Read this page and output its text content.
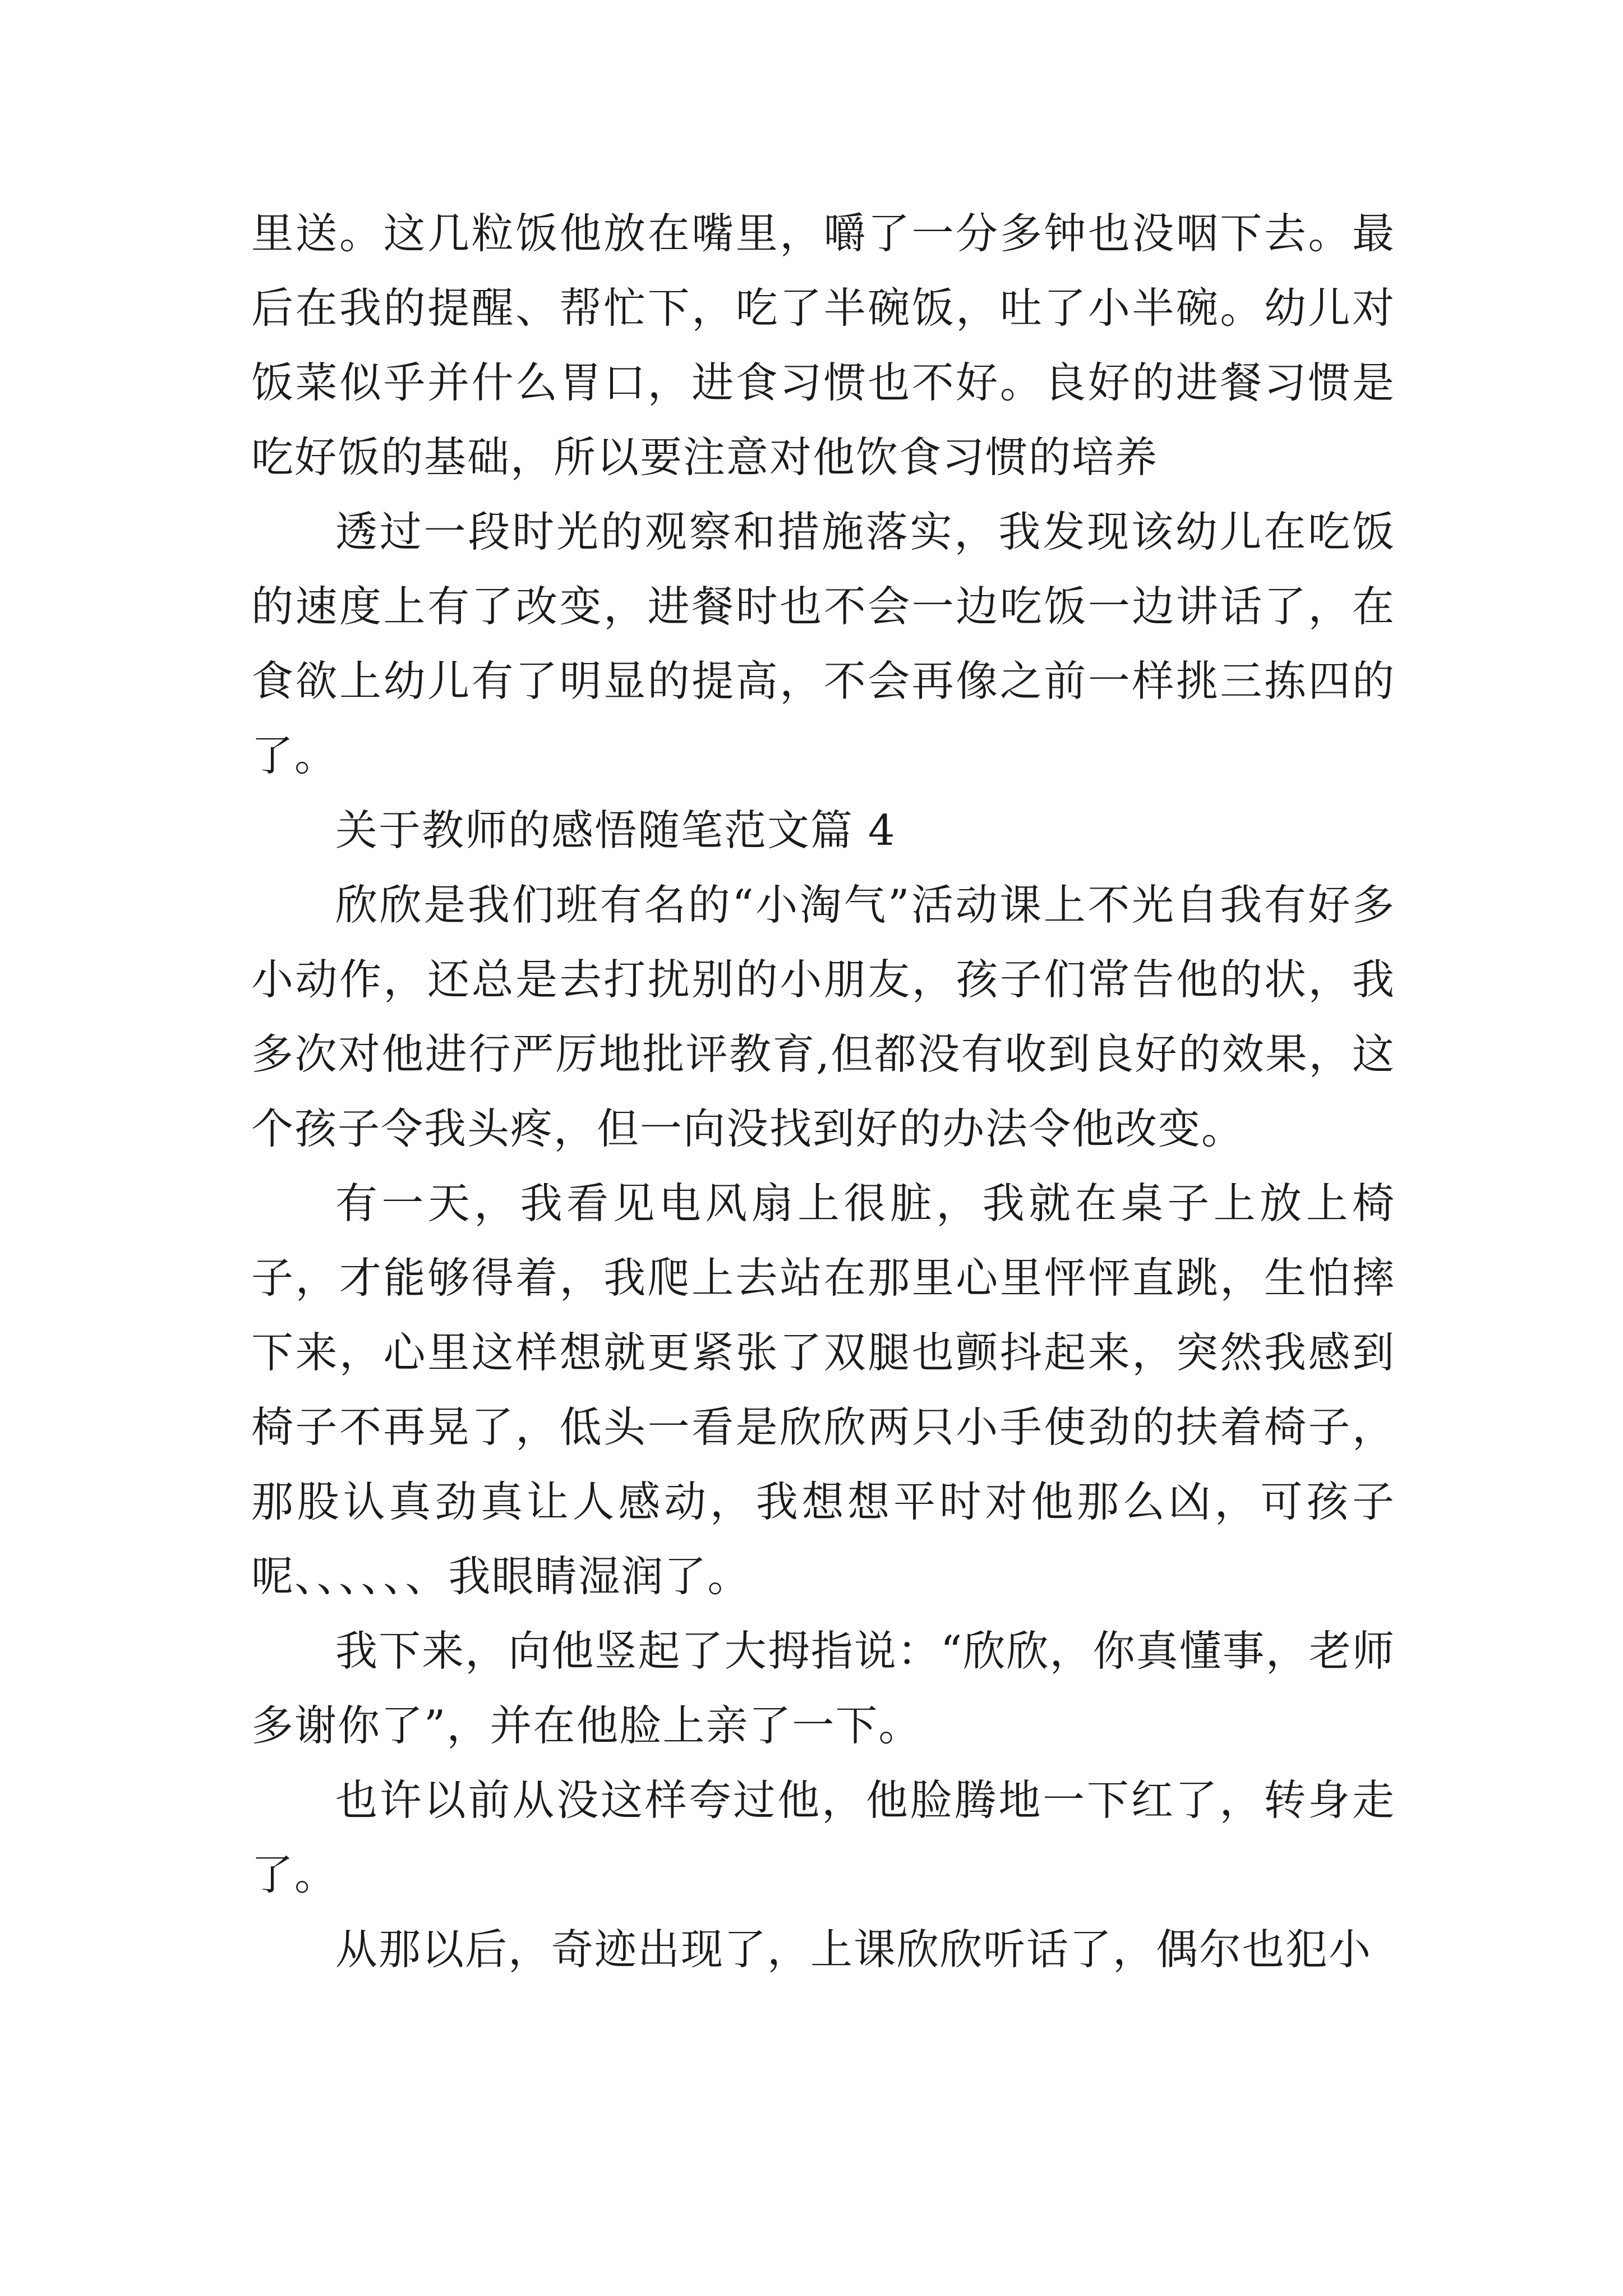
里送。这几粒饭他放在嘴里，嚼了一分多钟也没咽下去。最后在我的提醒、帮忙下，吃了半碗饭，吐了小半碗。幼儿对饭菜似乎并什么胃口，进食习惯也不好。良好的进餐习惯是吃好饭的基础，所以要注意对他饮食习惯的培养

透过一段时光的观察和措施落实，我发现该幼儿在吃饭的速度上有了改变，进餐时也不会一边吃饭一边讲话了，在食欲上幼儿有了明显的提高，不会再像之前一样挑三拣四的了。

关于教师的感悟随笔范文篇 4

欣欣是我们班有名的“小淘气”活动课上不光自我有好多小动作，还总是去打扰别的小朋友，孩子们常告他的状，我多次对他进行严厉地批评教育,但都没有收到良好的效果，这个孩子令我头疼，但一向没找到好的办法令他改变。

有一天，我看见电风扇上很脏，我就在桌子上放上椅子，才能够得着，我爬上去站在那里心里怦怦直跳，生怕摔下来，心里这样想就更紧张了双腿也颤抖起来，突然我感到椅子不再晃了，低头一看是欣欣两只小手使劲的扶着椅子，那股认真劲真让人感动，我想想平时对他那么凶，可孩子呢、、、、、、我眼睛湿润了。

我下来，向他竖起了大拇指说：“欣欣，你真懂事，老师多谢你了”，并在他脸上亲了一下。

也许以前从没这样夸过他，他脸腾地一下红了，转身走了。

从那以后，奇迹出现了，上课欣欣听话了，偶尔也犯小
